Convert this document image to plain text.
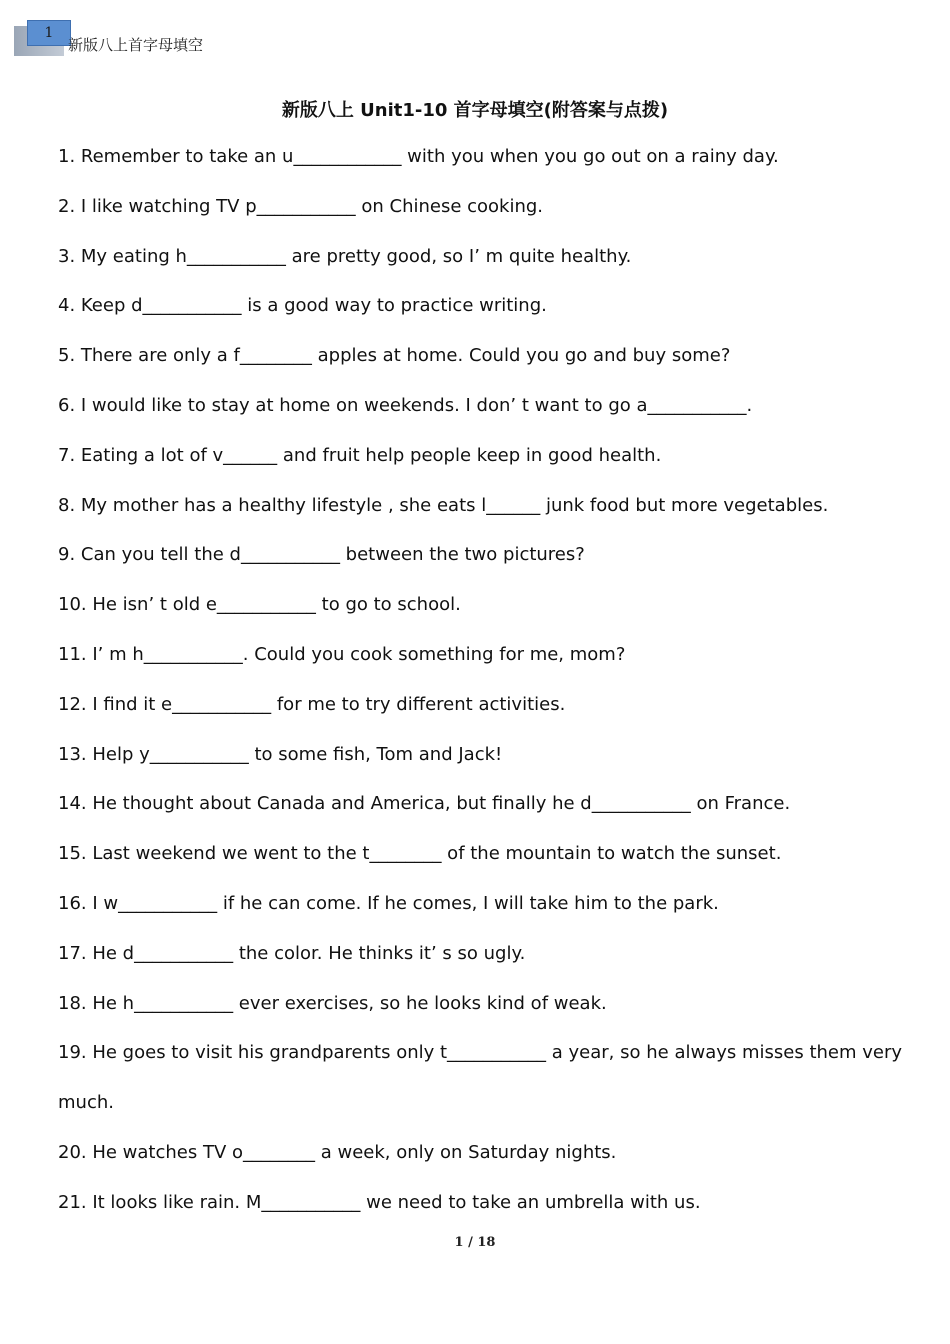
1
新版八上首字母填空
新版八上 Unit1-10 首字母填空(附答案与点拨)
1. Remember to take an u____________ with you when you go out on a rainy day.
2. I like watching TV p___________ on Chinese cooking.
3. My eating h___________ are pretty good, so I’ m quite healthy.
4. Keep d___________ is a good way to practice writing.
5. There are only a f________ apples at home. Could you go and buy some?
6. I would like to stay at home on weekends. I don’ t want to go a___________.
7. Eating a lot of v______ and fruit help people keep in good health.
8. My mother has a healthy lifestyle , she eats l______ junk food but more vegetables.
9. Can you tell the d___________ between the two pictures?
10. He isn’ t old e___________ to go to school.
11. I’ m h___________. Could you cook something for me, mom?
12. I find it e___________ for me to try different activities.
13. Help y___________ to some fish, Tom and Jack!
14. He thought about Canada and America, but finally he d___________ on France.
15. Last weekend we went to the t________ of the mountain to watch the sunset.
16. I w___________ if he can come. If he comes, I will take him to the park.
17. He d___________ the color. He thinks it’ s so ugly.
18. He h___________ ever exercises, so he looks kind of weak.
19. He goes to visit his grandparents only t___________ a year, so he always misses them very much.
20. He watches TV o________ a week, only on Saturday nights.
21. It looks like rain. M___________ we need to take an umbrella with us.
1 / 18
